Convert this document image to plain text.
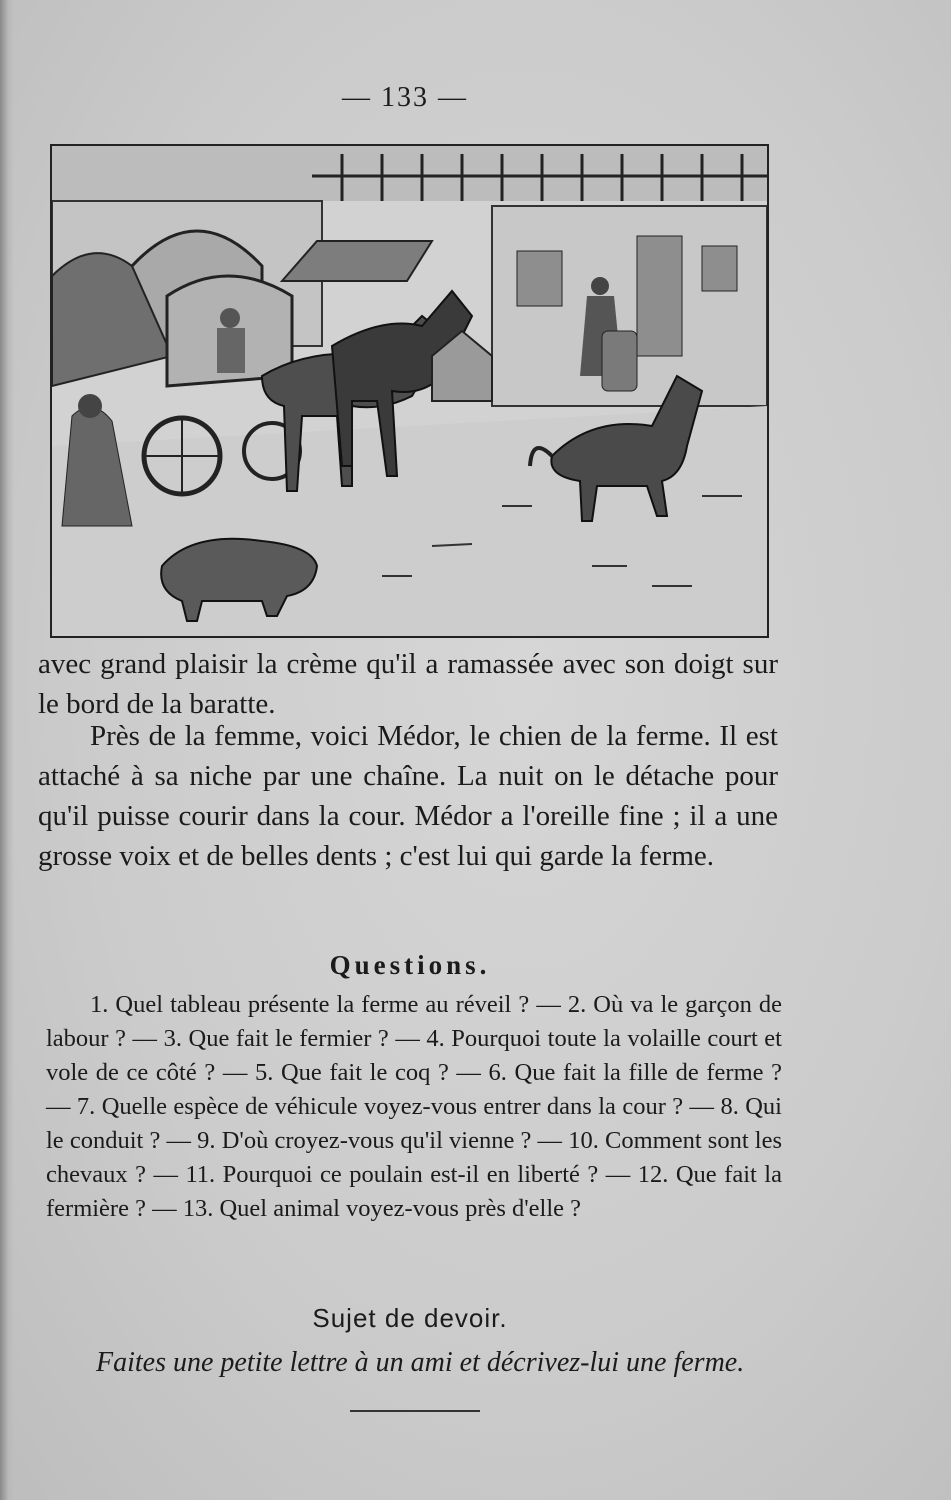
— 133 —
avec grand plaisir la crème qu'il a ramassée avec son doigt sur le bord de la baratte.
Près de la femme, voici Médor, le chien de la ferme. Il est attaché à sa niche par une chaîne. La nuit on le détache pour qu'il puisse courir dans la cour. Médor a l'oreille fine ; il a une grosse voix et de belles dents ; c'est lui qui garde la ferme.
Questions.
1. Quel tableau présente la ferme au réveil ? — 2. Où va le garçon de labour ? — 3. Que fait le fermier ? — 4. Pourquoi toute la volaille court et vole de ce côté ? — 5. Que fait le coq ? — 6. Que fait la fille de ferme ? — 7. Quelle espèce de véhicule voyez-vous entrer dans la cour ? — 8. Qui le conduit ? — 9. D'où croyez-vous qu'il vienne ? — 10. Comment sont les chevaux ? — 11. Pourquoi ce poulain est-il en liberté ? — 12. Que fait la fermière ? — 13. Quel animal voyez-vous près d'elle ?
Sujet de devoir.
Faites une petite lettre à un ami et décrivez-lui une ferme.
